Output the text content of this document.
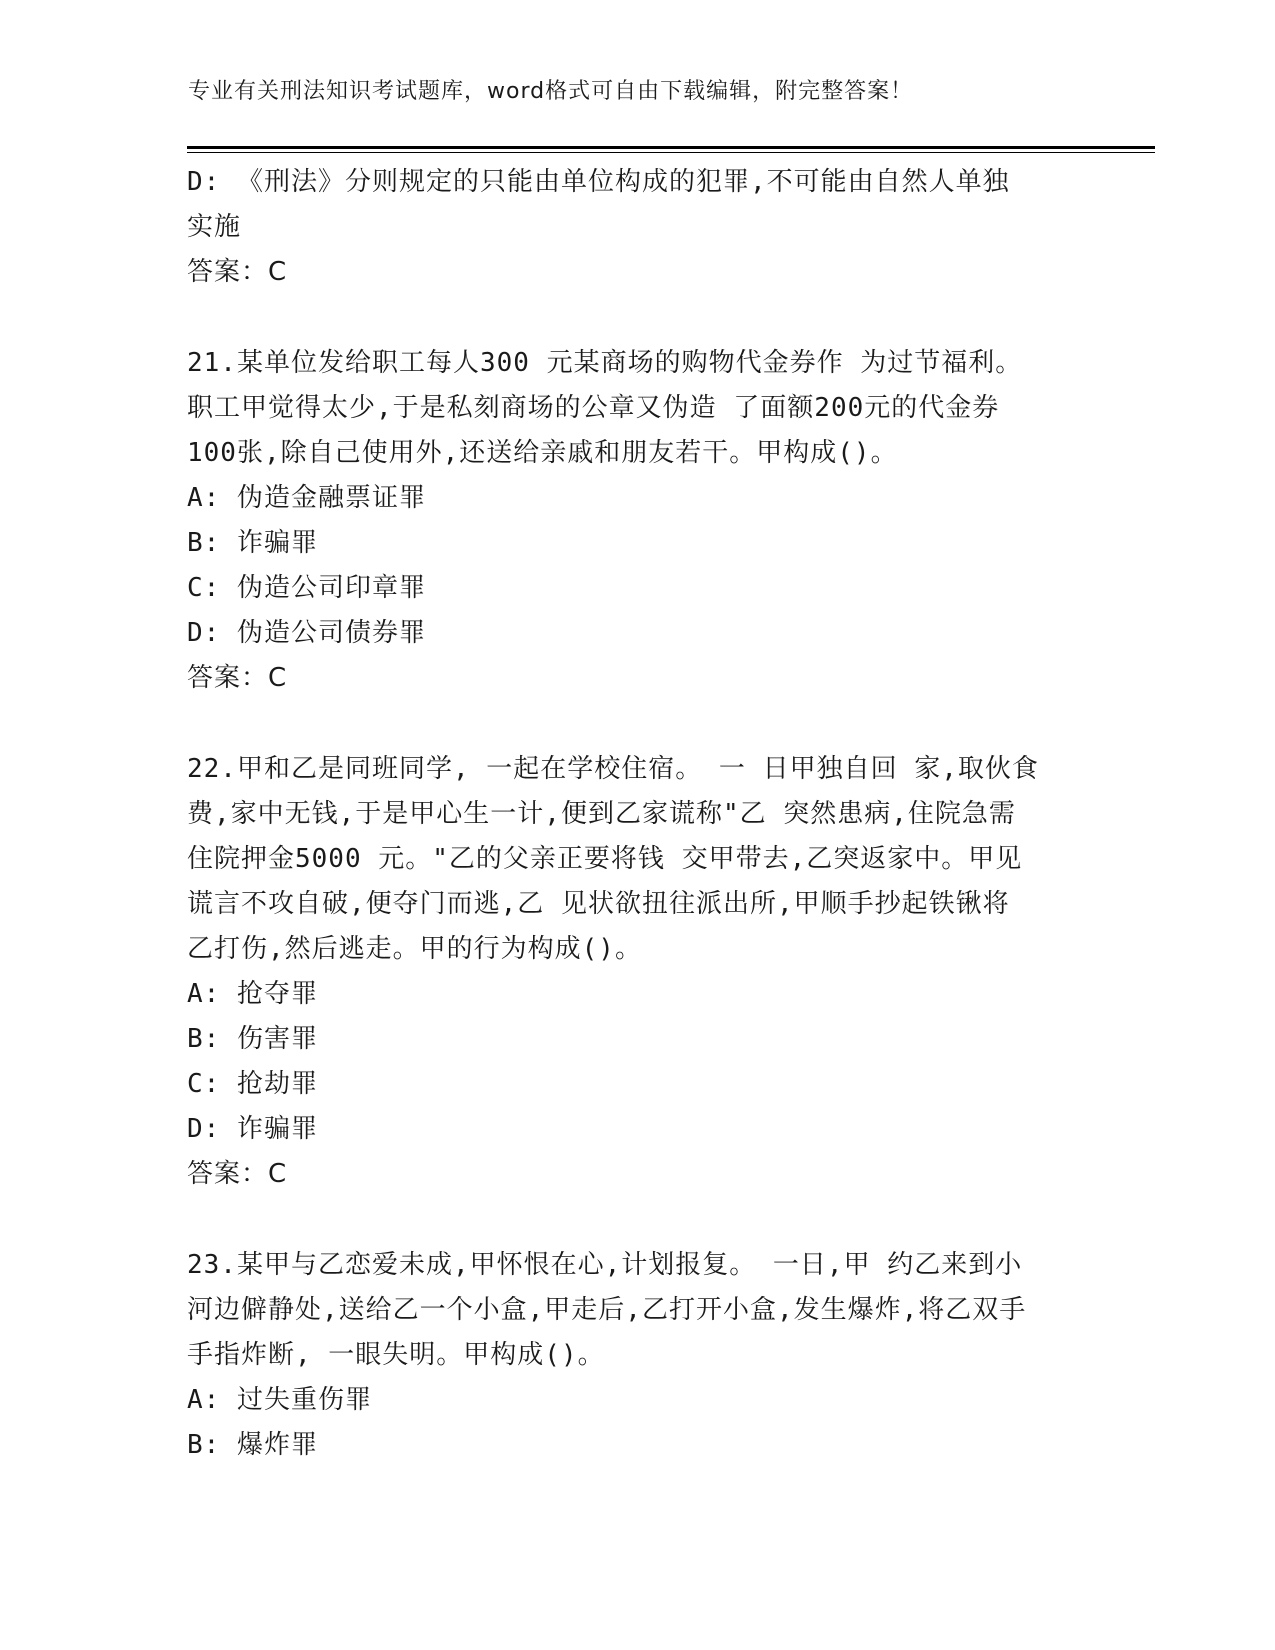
专业有关刑法知识考试题库，word格式可自由下载编辑，附完整答案！
D: 《刑法》分则规定的只能由单位构成的犯罪,不可能由自然人单独
实施
答案：C
21.某单位发给职工每人300 元某商场的购物代金券作 为过节福利。
职工甲觉得太少,于是私刻商场的公章又伪造 了面额200元的代金券
100张,除自己使用外,还送给亲戚和朋友若干。甲构成()。
A: 伪造金融票证罪
B: 诈骗罪
C: 伪造公司印章罪
D: 伪造公司债券罪
答案：C
22.甲和乙是同班同学, 一起在学校住宿。 一 日甲独自回 家,取伙食
费,家中无钱,于是甲心生一计,便到乙家谎称"乙 突然患病,住院急需
住院押金5000 元。"乙的父亲正要将钱 交甲带去,乙突返家中。甲见
谎言不攻自破,便夺门而逃,乙 见状欲扭往派出所,甲顺手抄起铁锹将
乙打伤,然后逃走。甲的行为构成()。
A: 抢夺罪
B: 伤害罪
C: 抢劫罪
D: 诈骗罪
答案：C
23.某甲与乙恋爱未成,甲怀恨在心,计划报复。 一日,甲 约乙来到小
河边僻静处,送给乙一个小盒,甲走后,乙打开小盒,发生爆炸,将乙双手
手指炸断, 一眼失明。甲构成()。
A: 过失重伤罪
B: 爆炸罪
